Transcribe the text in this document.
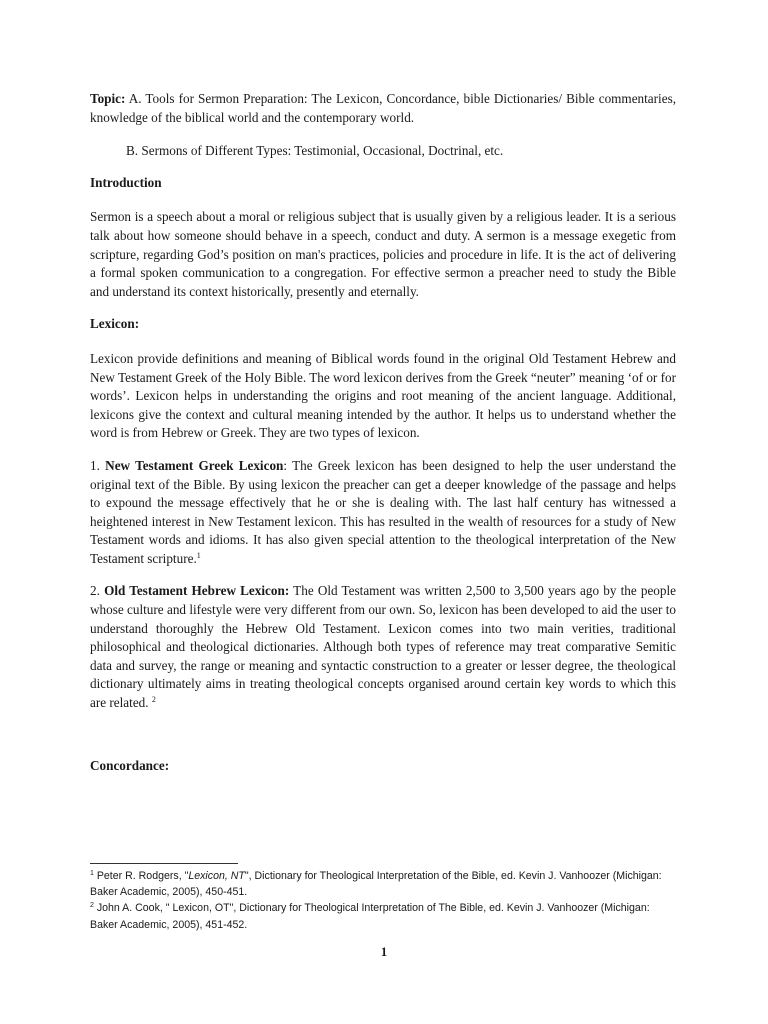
Topic: A. Tools for Sermon Preparation: The Lexicon, Concordance, bible Dictionaries/ Bible commentaries, knowledge of the biblical world and the contemporary world.

B. Sermons of Different Types: Testimonial, Occasional, Doctrinal, etc.

Introduction

Sermon is a speech about a moral or religious subject that is usually given by a religious leader. It is a serious talk about how someone should behave in a speech, conduct and duty. A sermon is a message exegetic from scripture, regarding God’s position on man's practices, policies and procedure in life. It is the act of delivering a formal spoken communication to a congregation. For effective sermon a preacher need to study the Bible and understand its context historically, presently and eternally.

Lexicon:

Lexicon provide definitions and meaning of Biblical words found in the original Old Testament Hebrew and New Testament Greek of the Holy Bible. The word lexicon derives from the Greek “neuter” meaning ‘of or for words’. Lexicon helps in understanding the origins and root meaning of the ancient language. Additional, lexicons give the context and cultural meaning intended by the author. It helps us to understand whether the word is from Hebrew or Greek. They are two types of lexicon.

1. New Testament Greek Lexicon: The Greek lexicon has been designed to help the user understand the original text of the Bible. By using lexicon the preacher can get a deeper knowledge of the passage and helps to expound the message effectively that he or she is dealing with. The last half century has witnessed a heightened interest in New Testament lexicon. This has resulted in the wealth of resources for a study of New Testament words and idioms. It has also given special attention to the theological interpretation of the New Testament scripture.$^1$

2. Old Testament Hebrew Lexicon: The Old Testament was written 2,500 to 3,500 years ago by the people whose culture and lifestyle were very different from our own. So, lexicon has been developed to aid the user to understand thoroughly the Hebrew Old Testament. Lexicon comes into two main verities, traditional philosophical and theological dictionaries. Although both types of reference may treat comparative Semitic data and survey, the range or meaning and syntactic construction to a greater or lesser degree, the theological dictionary ultimately aims in treating theological concepts organised around certain key words to which this are related. $^2$

Concordance:

$^1$ Peter R. Rodgers, "Lexicon, NT", Dictionary for Theological Interpretation of the Bible, ed. Kevin J. Vanhoozer (Michigan: Baker Academic, 2005), 450-451.

$^2$ John A. Cook, " Lexicon, OT", Dictionary for Theological Interpretation of The Bible, ed. Kevin J. Vanhoozer (Michigan: Baker Academic, 2005), 451-452.

1
